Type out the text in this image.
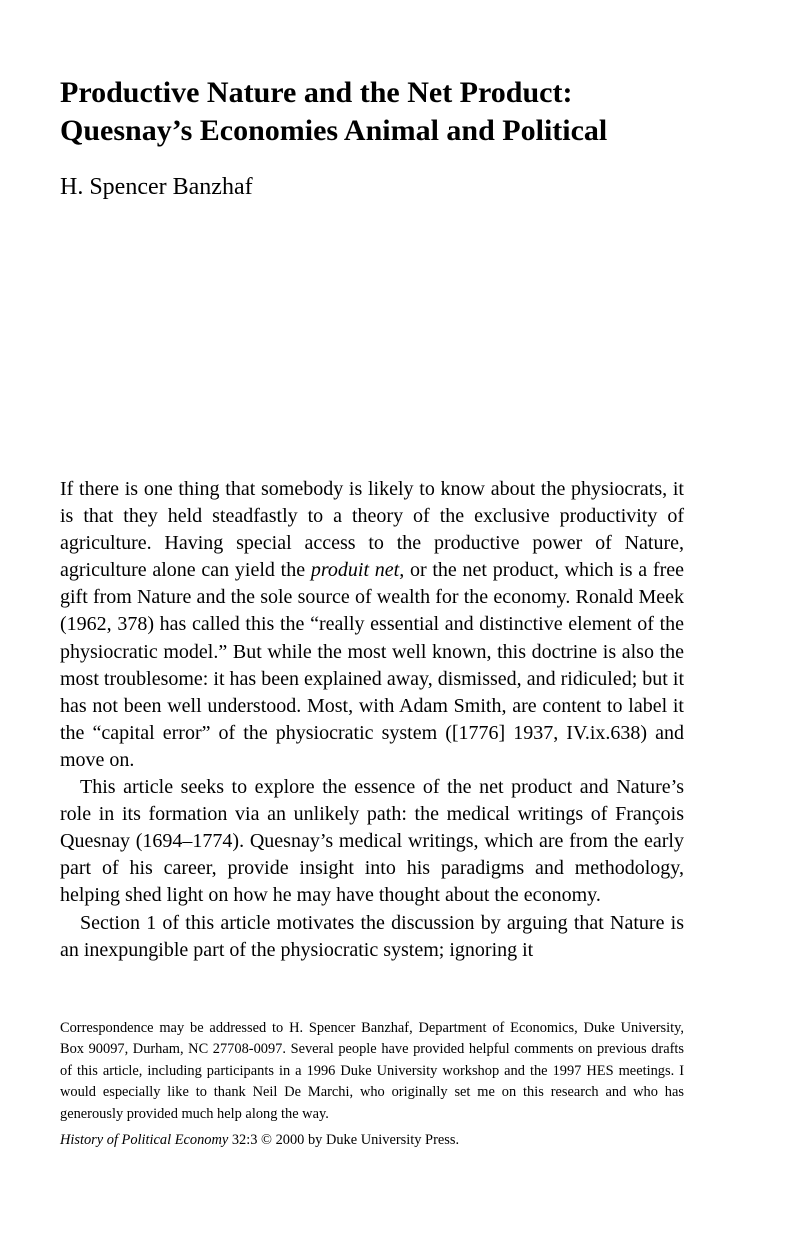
Productive Nature and the Net Product:
Quesnay’s Economies Animal and Political
H. Spencer Banzhaf

If there is one thing that somebody is likely to know about the physiocrats, it is that they held steadfastly to a theory of the exclusive productivity of agriculture. Having special access to the productive power of Nature, agriculture alone can yield the produit net, or the net product, which is a free gift from Nature and the sole source of wealth for the economy. Ronald Meek (1962, 378) has called this the “really essential and distinctive element of the physiocratic model.” But while the most well known, this doctrine is also the most troublesome: it has been explained away, dismissed, and ridiculed; but it has not been well understood. Most, with Adam Smith, are content to label it the “capital error” of the physiocratic system ([1776] 1937, IV.ix.638) and move on.

This article seeks to explore the essence of the net product and Nature’s role in its formation via an unlikely path: the medical writings of François Quesnay (1694–1774). Quesnay’s medical writings, which are from the early part of his career, provide insight into his paradigms and methodology, helping shed light on how he may have thought about the economy.

Section 1 of this article motivates the discussion by arguing that Nature is an inexpungible part of the physiocratic system; ignoring it

Correspondence may be addressed to H. Spencer Banzhaf, Department of Economics, Duke University, Box 90097, Durham, NC 27708-0097. Several people have provided helpful comments on previous drafts of this article, including participants in a 1996 Duke University workshop and the 1997 HES meetings. I would especially like to thank Neil De Marchi, who originally set me on this research and who has generously provided much help along the way.

History of Political Economy 32:3 © 2000 by Duke University Press.
